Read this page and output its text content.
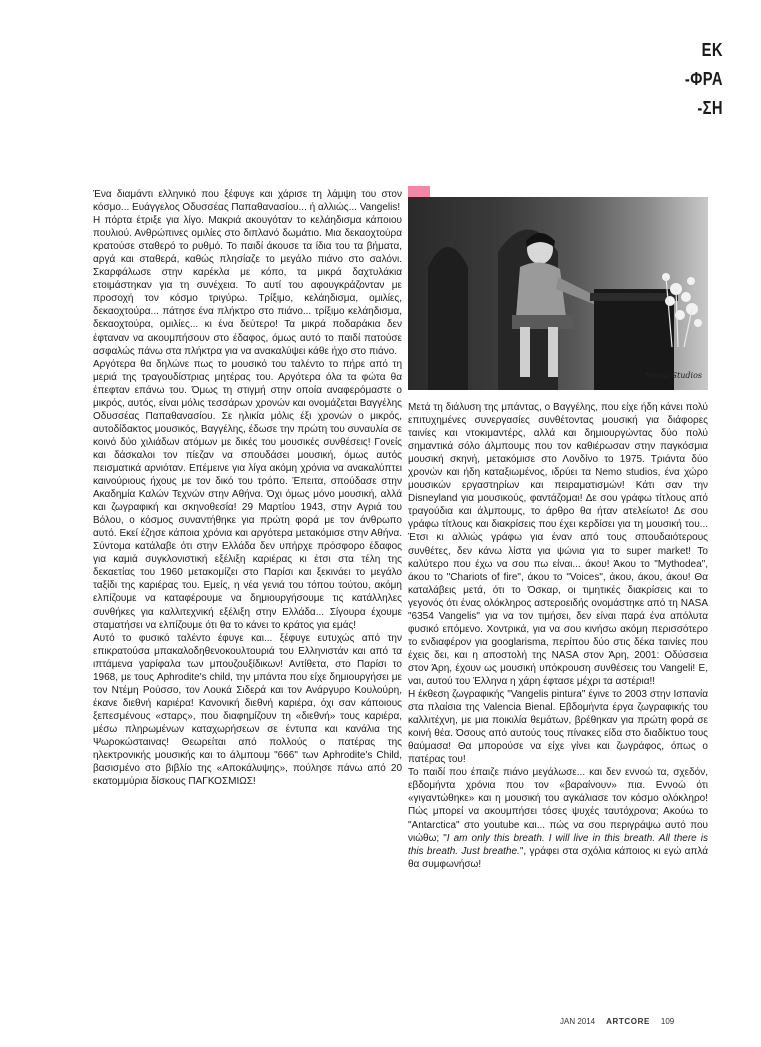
ΕΚ
-ΦΡΑ
-ΣΗ

Ένα διαμάντι ελληνικό που ξέφυγε και χάρισε τη λάμψη του στον κόσμο... Ευάγγελος Οδυσσέας Παπαθανασίου... ή αλλιώς... Vangelis!

Η πόρτα έτριξε για λίγο. Μακριά ακουγόταν το κελάηδισμα κάποιου πουλιού. Ανθρώπινες ομιλίες στο διπλανό δωμάτιο. Μια δεκαοχτούρα κρατούσε σταθερό το ρυθμό. Το παιδί άκουσε τα ίδια του τα βήματα, αργά και σταθερά, καθώς πλησίαζε το μεγάλο πιάνο στο σαλόνι. Σκαρφάλωσε στην καρέκλα με κόπο, τα μικρά δαχτυλάκια ετοιμάστηκαν για τη συνέχεια. Το αυτί του αφουγκράζονταν με προσοχή τον κόσμο τριγύρω. Τρίξιμο, κελάηδισμα, ομιλίες, δεκαοχτούρα... πάτησε ένα πλήκτρο στο πιάνο... τρίξιμο κελάηδισμα, δεκαοχτούρα, ομιλίες... κι ένα δεύτερο! Τα μικρά ποδαράκια δεν έφταναν να ακουμπήσουν στο έδαφος, όμως αυτό το παιδί πατούσε ασφαλώς πάνω στα πλήκτρα για να ανακαλύψει κάθε ήχο στο πιάνο.

Αργότερα θα δηλώνε πως το μουσικό του ταλέντο το πήρε από τη μεριά της τραγουδίστριας μητέρας του. Αργότερα όλα τα φώτα θα έπεφταν επάνω του. Όμως τη στιγμή στην οποία αναφερόμαστε ο μικρός, αυτός, είναι μόλις τεσσάρων χρονών και ονομάζεται Βαγγέλης Οδυσσέας Παπαθανασίου. Σε ηλικία μόλις έξι χρονών ο μικρός, αυτοδίδακτος μουσικός, Βαγγέλης, έδωσε την πρώτη του συναυλία σε κοινό δύο χιλιάδων ατόμων με δικές του μουσικές συνθέσεις! Γονείς και δάσκαλοι τον πίεζαν να σπουδάσει μουσική, όμως αυτός πεισματικά αρνιόταν. Επέμεινε για λίγα ακόμη χρόνια να ανακαλύπτει καινούριους ήχους με τον δικό του τρόπο. Έπειτα, σπούδασε στην Ακαδημία Καλών Τεχνών στην Αθήνα. Όχι όμως μόνο μουσική, αλλά και ζωγραφική και σκηνοθεσία! 29 Μαρτίου 1943, στην Αγριά του Βόλου, ο κόσμος συναντήθηκε για πρώτη φορά με τον άνθρωπο αυτό. Εκεί έζησε κάποια χρόνια και αργότερα μετακόμισε στην Αθήνα. Σύντομα κατάλαβε ότι στην Ελλάδα δεν υπήρχε πρόσφορο έδαφος για καμιά συγκλονιστική εξέλιξη καριέρας κι έτσι στα τέλη της δεκαετίας του 1960 μετακομίζει στο Παρίσι και ξεκινάει το μεγάλο ταξίδι της καριέρας του. Εμείς, η νέα γενιά του τόπου τούτου, ακόμη ελπίζουμε να καταφέρουμε να δημιουργήσουμε τις κατάλληλες συνθήκες για καλλιτεχνική εξέλιξη στην Ελλάδα... Σίγουρα έχουμε σταματήσει να ελπίζουμε ότι θα το κάνει το κράτος για εμάς!

Αυτό το φυσικό ταλέντο έφυγε και... ξέφυγε ευτυχώς από την επικρατούσα μπακαλοδηθενοκουλτουριά του Ελληνιστάν και από τα ιπτάμενα γαρίφαλα των μπουζουξίδικων! Αντίθετα, στο Παρίσι το 1968, με τους Aphrodite's child, την μπάντα που είχε δημιουργήσει με τον Ντέμη Ρούσσο, τον Λουκά Σιδερά και τον Ανάργυρο Κουλούρη, έκανε διεθνή καριέρα! Κανονική διεθνή καριέρα, όχι σαν κάποιους ξεπεσμένους «σταρς», που διαφημίζουν τη «διεθνή» τους καριέρα, μέσω πληρωμένων καταχωρήσεων σε έντυπα και κανάλια της Ψωροκώσταινας! Θεωρείται από πολλούς ο πατέρας της ηλεκτρονικής μουσικής και το άλμπουμ "666" των Aphrodite's Child, βασισμένο στο βιβλίο της «Αποκάλυψης», πούλησε πάνω από 20 εκατομμύρια δίσκους ΠΑΓΚΟΣΜΙΩΣ!

Nemo Studios

Μετά τη διάλυση της μπάντας, ο Βαγγέλης, που είχε ήδη κάνει πολύ επιτυχημένες συνεργασίες συνθέτοντας μουσική για διάφορες ταινίες και ντοκιμαντέρς, αλλά και δημιουργώντας δύο πολύ σημαντικά σόλο άλμπουμς που τον καθιέρωσαν στην παγκόσμια μουσική σκηνή, μετακόμισε στο Λονδίνο το 1975. Τριάντα δύο χρονών και ήδη καταξιωμένος, ιδρύει τα Nemo studios, ένα χώρο μουσικών εργαστηρίων και πειραματισμών! Κάτι σαν την Disneyland για μουσικούς, φαντάζομαι! Δε σου γράφω τίτλους από τραγούδια και άλμπουμς, το άρθρο θα ήταν ατελείωτο! Δε σου γράφω τίτλους και διακρίσεις που έχει κερδίσει για τη μουσική του... Έτσι κι αλλιώς γράφω για έναν από τους σπουδαιότερους συνθέτες, δεν κάνω λίστα για ψώνια για το super market! Το καλύτερο που έχω να σου πω είναι... άκου! Άκου το "Mythodea", άκου το "Chariots of fire", άκου το "Voices", άκου, άκου, άκου! Θα καταλάβεις μετά, ότι το Όσκαρ, οι τιμητικές διακρίσεις και το γεγονός ότι ένας ολόκληρος αστεροειδής ονομάστηκε από τη NASA "6354 Vangelis" για να τον τιμήσει, δεν είναι παρά ένα απόλυτα φυσικό επόμενο. Χοντρικά, για να σου κινήσω ακόμη περισσότερο το ενδιαφέρον για googlarisma, περίπου δύο στις δέκα ταινίες που έχεις δει, και η αποστολή της NASA στον Άρη, 2001: Οδύσσεια στον Άρη, έχουν ως μουσική υπόκρουση συνθέσεις του Vangeli! Ε, ναι, αυτού του Έλληνα η χάρη έφτασε μέχρι τα αστέρια!!

Η έκθεση ζωγραφικής "Vangelis pintura" έγινε το 2003 στην Ισπανία στα πλαίσια της Valencia Bienal. Εβδομήντα έργα ζωγραφικής του καλλιτέχνη, με μια ποικιλία θεμάτων, βρέθηκαν για πρώτη φορά σε κοινή θέα. Όσους από αυτούς τους πίνακες είδα στο διαδίκτυο τους θαύμασα! Θα μπορούσε να είχε γίνει και ζωγράφος, όπως ο πατέρας του!

Το παιδί που έπαιζε πιάνο μεγάλωσε... και δεν εννοώ τα, σχεδόν, εβδομήντα χρόνια που τον «βαραίνουν» πια. Εννοώ ότι «γιγαντώθηκε» και η μουσική του αγκάλιασε τον κόσμο ολόκληρο! Πώς μπορεί να ακουμπήσει τόσες ψυχές ταυτόχρονα; Ακούω το "Antarctica" στο youtube και... πώς να σου περιγράψω αυτό που νιώθω; "I am only this breath. I will live in this breath. All there is this breath. Just breathe.", γράφει στα σχόλια κάποιος κι εγώ απλά θα συμφωνήσω!

JAN 2014 ARTCORE 109
